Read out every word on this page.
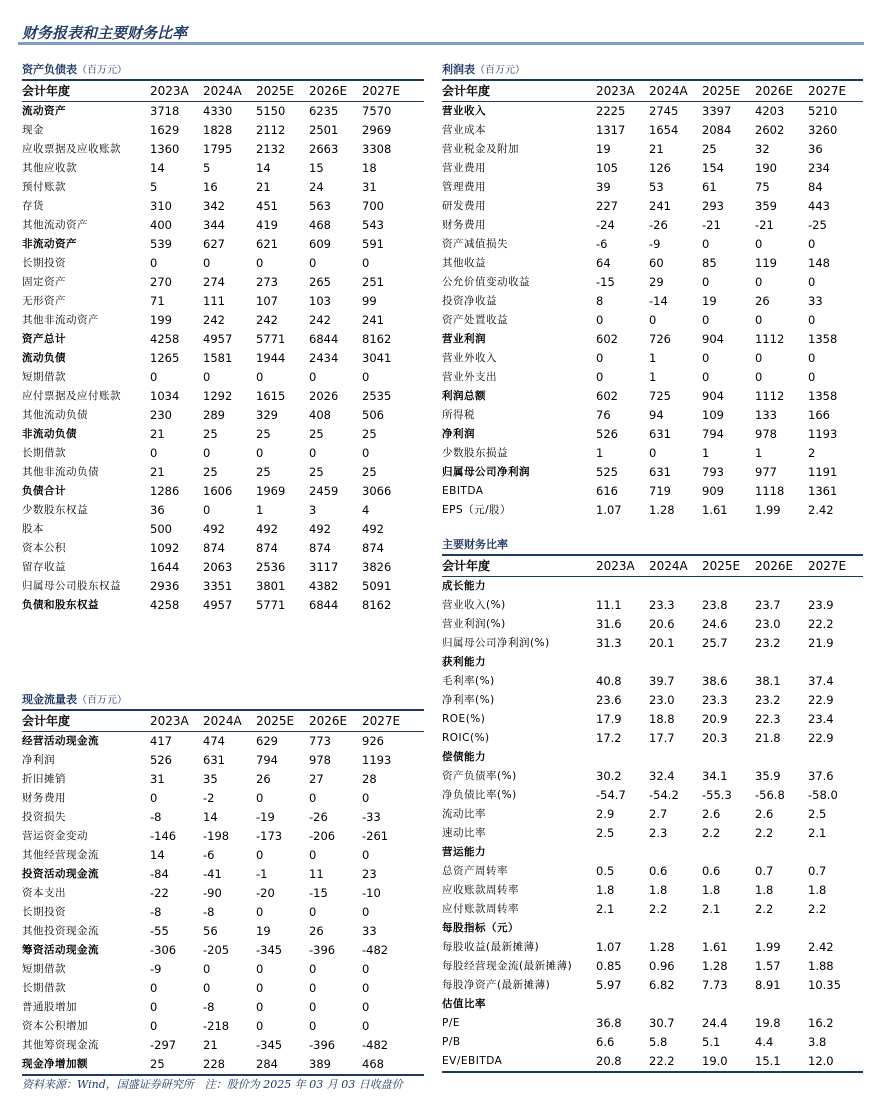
财务报表和主要财务比率
资产负债表（百万元）
会计年度	2023A	2024A	2025E	2026E	2027E
流动资产	3718	4330	5150	6235	7570
现金	1629	1828	2112	2501	2969
应收票据及应收账款	1360	1795	2132	2663	3308
其他应收款	14	5	14	15	18
预付账款	5	16	21	24	31
存货	310	342	451	563	700
其他流动资产	400	344	419	468	543
非流动资产	539	627	621	609	591
长期投资	0	0	0	0	0
固定资产	270	274	273	265	251
无形资产	71	111	107	103	99
其他非流动资产	199	242	242	242	241
资产总计	4258	4957	5771	6844	8162
流动负债	1265	1581	1944	2434	3041
短期借款	0	0	0	0	0
应付票据及应付账款	1034	1292	1615	2026	2535
其他流动负债	230	289	329	408	506
非流动负债	21	25	25	25	25
长期借款	0	0	0	0	0
其他非流动负债	21	25	25	25	25
负债合计	1286	1606	1969	2459	3066
少数股东权益	36	0	1	3	4
股本	500	492	492	492	492
资本公积	1092	874	874	874	874
留存收益	1644	2063	2536	3117	3826
归属母公司股东权益	2936	3351	3801	4382	5091
负债和股东权益	4258	4957	5771	6844	8162
现金流量表（百万元）
会计年度	2023A	2024A	2025E	2026E	2027E
经营活动现金流	417	474	629	773	926
净利润	526	631	794	978	1193
折旧摊销	31	35	26	27	28
财务费用	0	-2	0	0	0
投资损失	-8	14	-19	-26	-33
营运资金变动	-146	-198	-173	-206	-261
其他经营现金流	14	-6	0	0	0
投资活动现金流	-84	-41	-1	11	23
资本支出	-22	-90	-20	-15	-10
长期投资	-8	-8	0	0	0
其他投资现金流	-55	56	19	26	33
筹资活动现金流	-306	-205	-345	-396	-482
短期借款	-9	0	0	0	0
长期借款	0	0	0	0	0
普通股增加	0	-8	0	0	0
资本公积增加	0	-218	0	0	0
其他筹资现金流	-297	21	-345	-396	-482
现金净增加额	25	228	284	389	468
利润表（百万元）
会计年度	2023A	2024A	2025E	2026E	2027E
营业收入	2225	2745	3397	4203	5210
营业成本	1317	1654	2084	2602	3260
营业税金及附加	19	21	25	32	36
营业费用	105	126	154	190	234
管理费用	39	53	61	75	84
研发费用	227	241	293	359	443
财务费用	-24	-26	-21	-21	-25
资产减值损失	-6	-9	0	0	0
其他收益	64	60	85	119	148
公允价值变动收益	-15	29	0	0	0
投资净收益	8	-14	19	26	33
资产处置收益	0	0	0	0	0
营业利润	602	726	904	1112	1358
营业外收入	0	1	0	0	0
营业外支出	0	1	0	0	0
利润总额	602	725	904	1112	1358
所得税	76	94	109	133	166
净利润	526	631	794	978	1193
少数股东损益	1	0	1	1	2
归属母公司净利润	525	631	793	977	1191
EBITDA	616	719	909	1118	1361
EPS（元/股）	1.07	1.28	1.61	1.99	2.42
主要财务比率
会计年度	2023A	2024A	2025E	2026E	2027E
成长能力					
营业收入(%)	11.1	23.3	23.8	23.7	23.9
营业利润(%)	31.6	20.6	24.6	23.0	22.2
归属母公司净利润(%)	31.3	20.1	25.7	23.2	21.9
获利能力					
毛利率(%)	40.8	39.7	38.6	38.1	37.4
净利率(%)	23.6	23.0	23.3	23.2	22.9
ROE(%)	17.9	18.8	20.9	22.3	23.4
ROIC(%)	17.2	17.7	20.3	21.8	22.9
偿债能力					
资产负债率(%)	30.2	32.4	34.1	35.9	37.6
净负债比率(%)	-54.7	-54.2	-55.3	-56.8	-58.0
流动比率	2.9	2.7	2.6	2.6	2.5
速动比率	2.5	2.3	2.2	2.2	2.1
营运能力					
总资产周转率	0.5	0.6	0.6	0.7	0.7
应收账款周转率	1.8	1.8	1.8	1.8	1.8
应付账款周转率	2.1	2.2	2.1	2.2	2.2
每股指标（元）					
每股收益(最新摊薄)	1.07	1.28	1.61	1.99	2.42
每股经营现金流(最新摊薄)	0.85	0.96	1.28	1.57	1.88
每股净资产(最新摊薄)	5.97	6.82	7.73	8.91	10.35
估值比率					
P/E	36.8	30.7	24.4	19.8	16.2
P/B	6.6	5.8	5.1	4.4	3.8
EV/EBITDA	20.8	22.2	19.0	15.1	12.0
资料来源：Wind，国盛证券研究所　注：股价为 2025 年 03 月 03 日收盘价
